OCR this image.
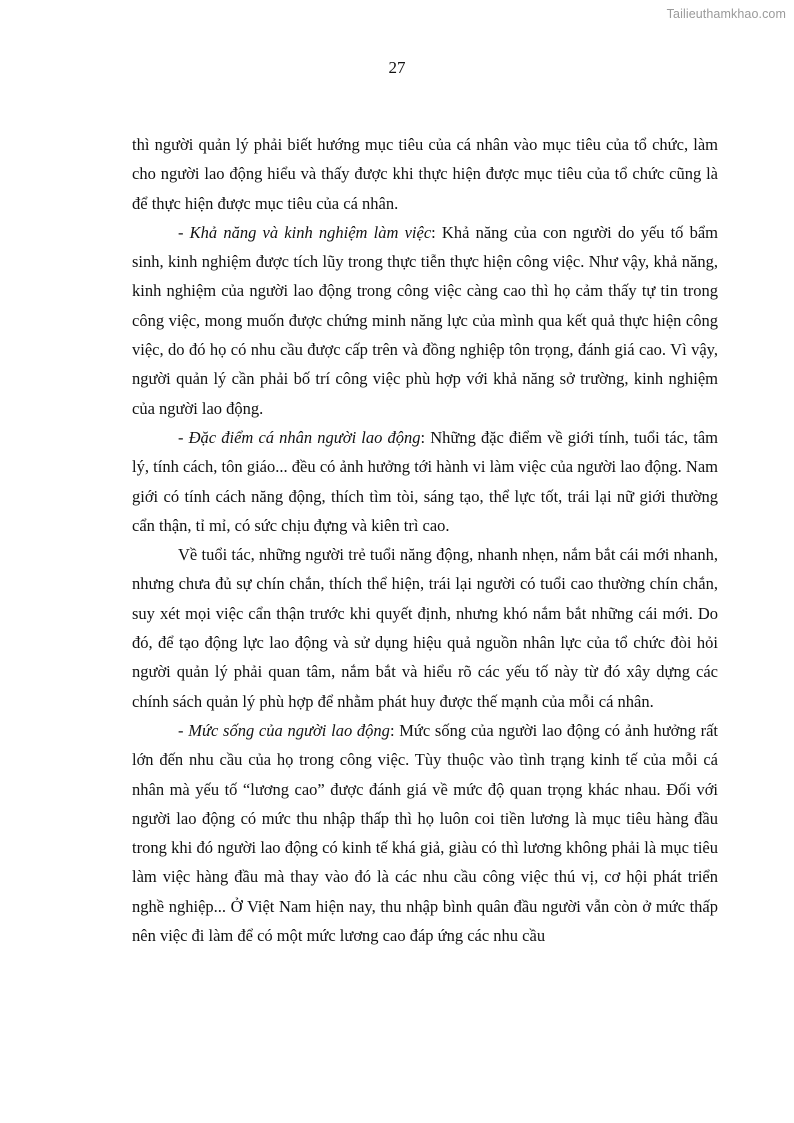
Tailieuthamkhao.com
27

thì người quản lý phải biết hướng mục tiêu của cá nhân vào mục tiêu của tổ chức, làm cho người lao động hiểu và thấy được khi thực hiện được mục tiêu của tổ chức cũng là để thực hiện được mục tiêu của cá nhân.

- Khả năng và kinh nghiệm làm việc: Khả năng của con người do yếu tố bẩm sinh, kinh nghiệm được tích lũy trong thực tiễn thực hiện công việc. Như vậy, khả năng, kinh nghiệm của người lao động trong công việc càng cao thì họ cảm thấy tự tin trong công việc, mong muốn được chứng minh năng lực của mình qua kết quả thực hiện công việc, do đó họ có nhu cầu được cấp trên và đồng nghiệp tôn trọng, đánh giá cao. Vì vậy, người quản lý cần phải bố trí công việc phù hợp với khả năng sở trường, kinh nghiệm của người lao động.

- Đặc điểm cá nhân người lao động: Những đặc điểm về giới tính, tuổi tác, tâm lý, tính cách, tôn giáo... đều có ảnh hưởng tới hành vi làm việc của người lao động. Nam giới có tính cách năng động, thích tìm tòi, sáng tạo, thể lực tốt, trái lại nữ giới thường cẩn thận, tỉ mỉ, có sức chịu đựng và kiên trì cao.

Về tuổi tác, những người trẻ tuổi năng động, nhanh nhẹn, nắm bắt cái mới nhanh, nhưng chưa đủ sự chín chắn, thích thể hiện, trái lại người có tuổi cao thường chín chắn, suy xét mọi việc cẩn thận trước khi quyết định, nhưng khó nắm bắt những cái mới. Do đó, để tạo động lực lao động và sử dụng hiệu quả nguồn nhân lực của tổ chức đòi hỏi người quản lý phải quan tâm, nắm bắt và hiểu rõ các yếu tố này từ đó xây dựng các chính sách quản lý phù hợp để nhằm phát huy được thế mạnh của mỗi cá nhân.

- Mức sống của người lao động: Mức sống của người lao động có ảnh hưởng rất lớn đến nhu cầu của họ trong công việc. Tùy thuộc vào tình trạng kinh tế của mỗi cá nhân mà yếu tố “lương cao” được đánh giá về mức độ quan trọng khác nhau. Đối với người lao động có mức thu nhập thấp thì họ luôn coi tiền lương là mục tiêu hàng đầu trong khi đó người lao động có kinh tế khá giả, giàu có thì lương không phải là mục tiêu làm việc hàng đầu mà thay vào đó là các nhu cầu công việc thú vị, cơ hội phát triển nghề nghiệp... Ở Việt Nam hiện nay, thu nhập bình quân đầu người vẫn còn ở mức thấp nên việc đi làm để có một mức lương cao đáp ứng các nhu cầu
